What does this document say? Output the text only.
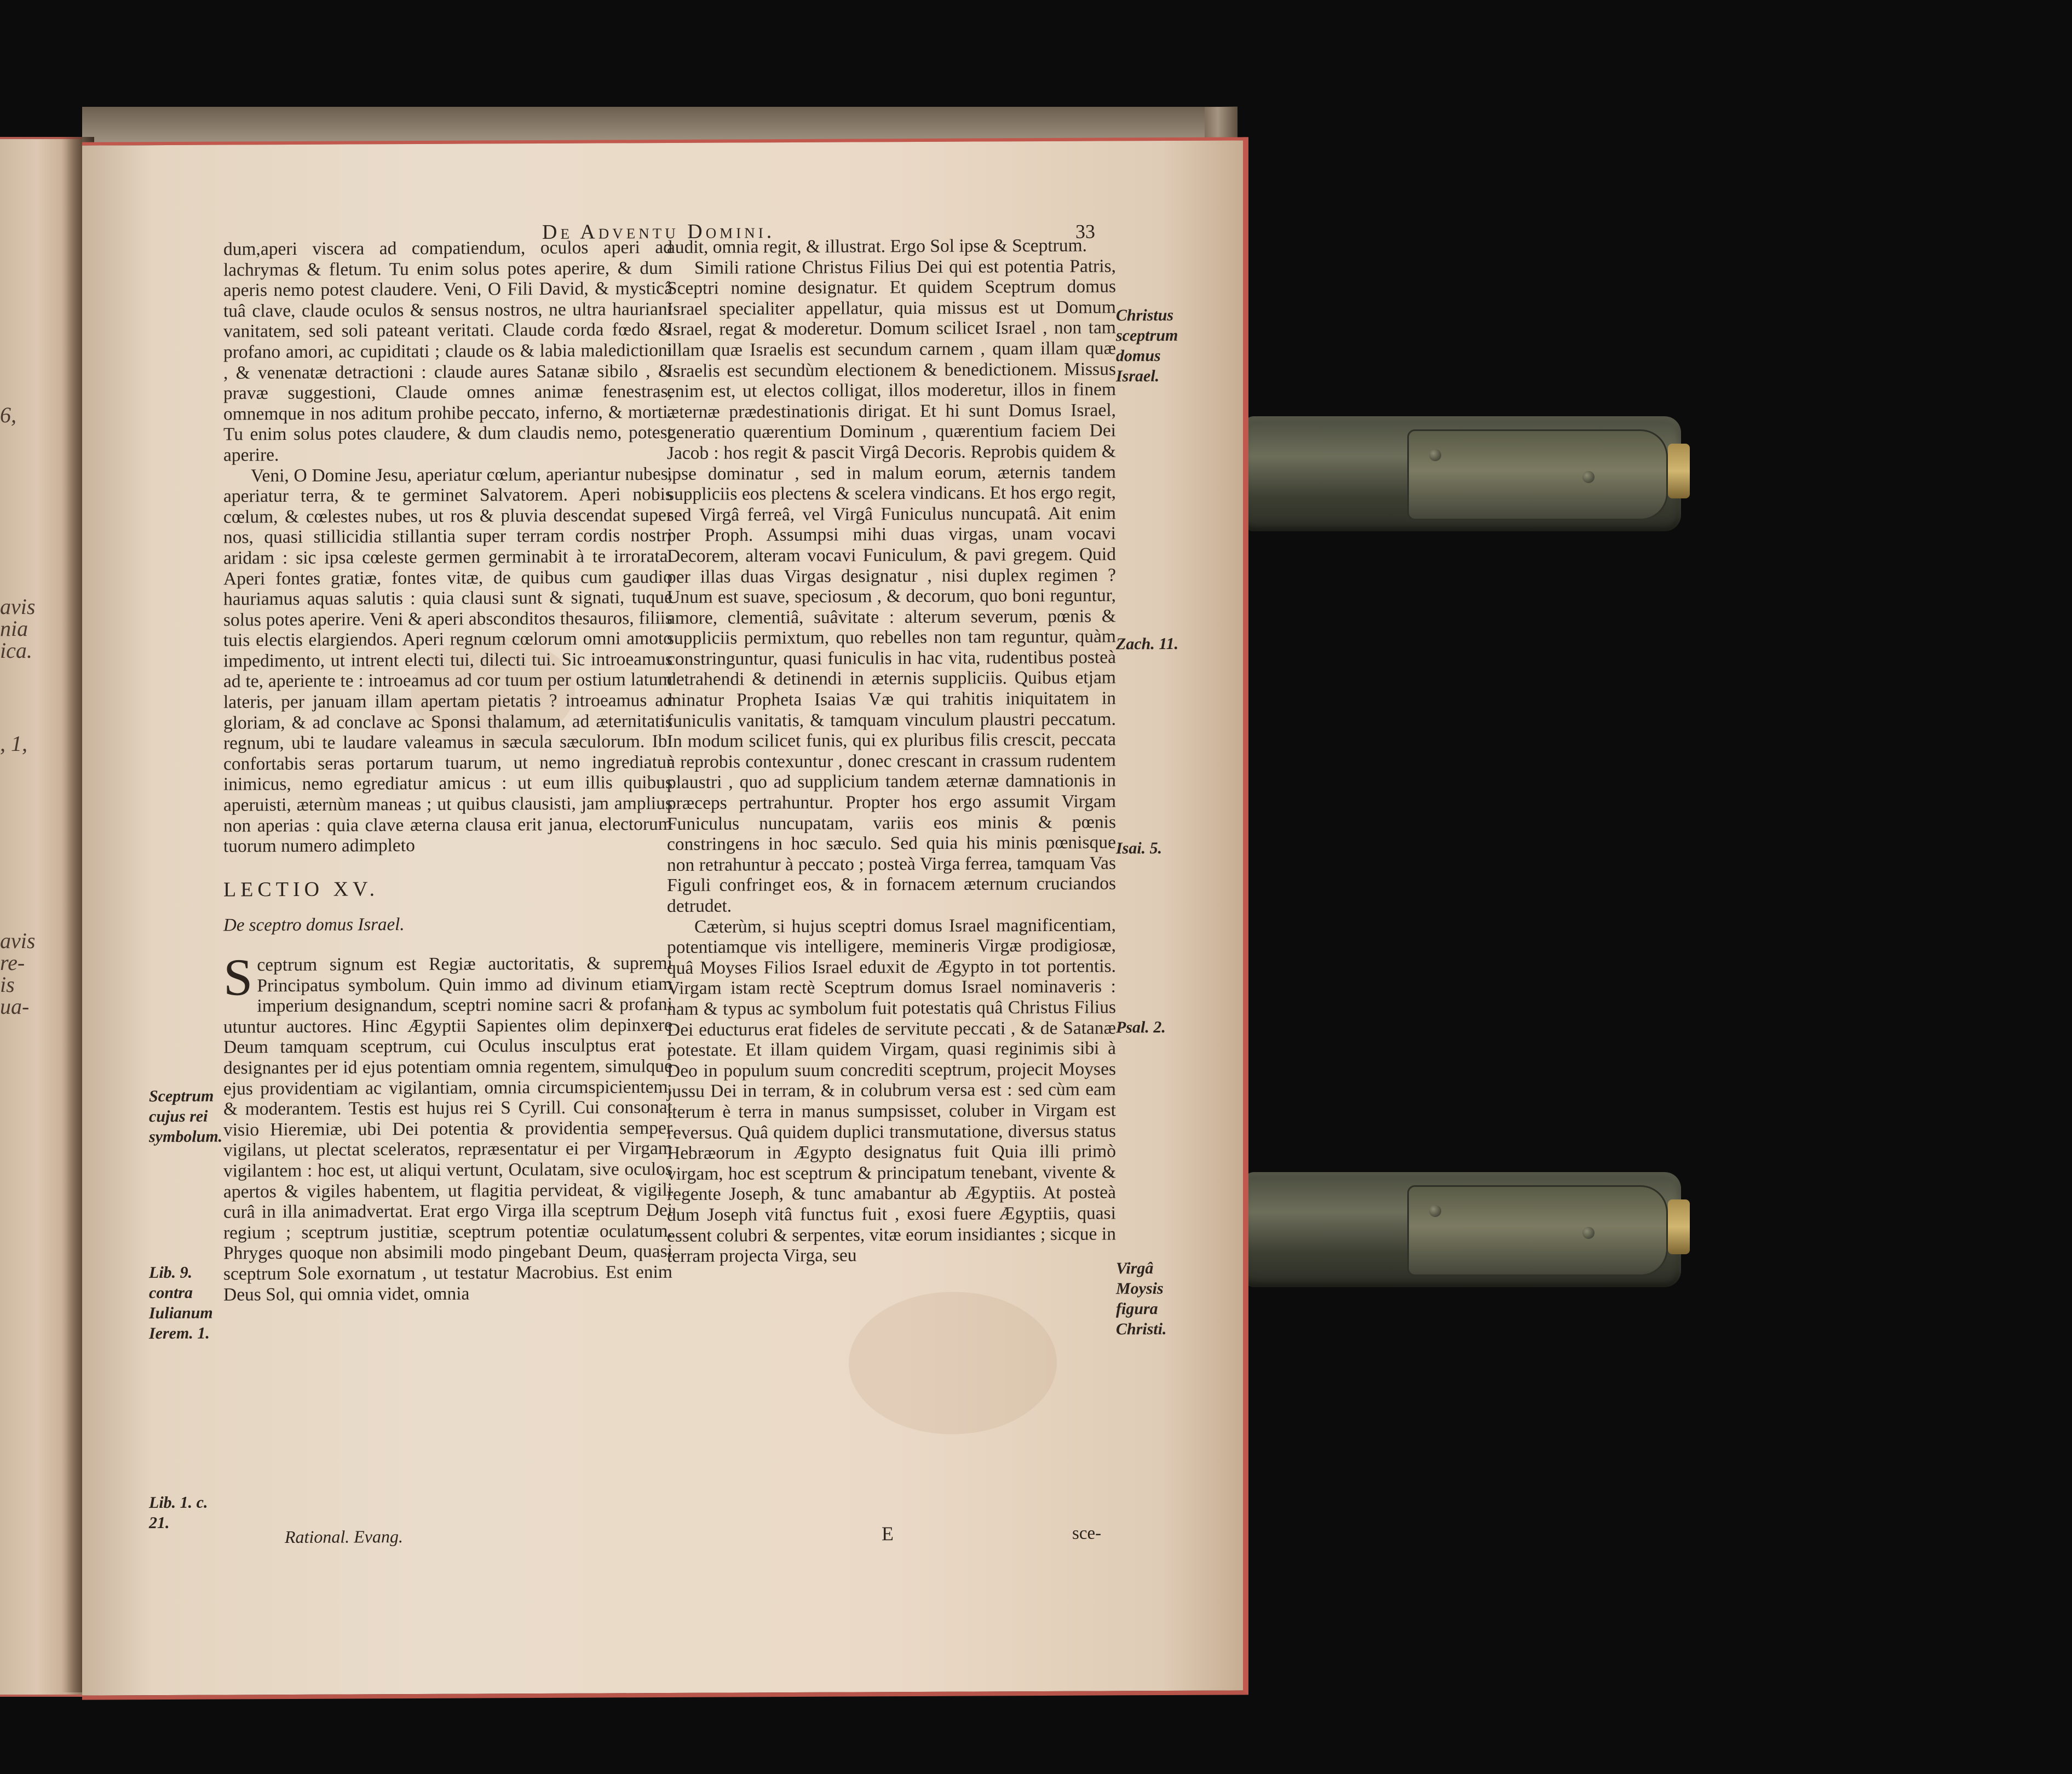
6,
avis
nia
ica.
, 1,
avis
re-
is
ua-
De Adventu Domini.	33

dum,aperi viscera ad compatiendum, oculos aperi ad lachrymas & fletum. Tu enim solus potes aperire, & dum aperis nemo potest claudere. Veni, O Fili David, & mysticâ tuâ clave, claude oculos & sensus nostros, ne ultra hauriant vanitatem, sed soli pateant veritati. Claude corda fœdo & profano amori, ac cupiditati ; claude os & labia maledictioni , & venenatæ detractioni : claude aures Satanæ sibilo , & pravæ suggestioni, Claude omnes animæ fenestras, omnemque in nos aditum prohibe peccato, inferno, & morti. Tu enim solus potes claudere, & dum claudis nemo, potest aperire.

Veni, O Domine Jesu, aperiatur cœlum, aperiantur nubes, aperiatur terra, & te germinet Salvatorem. Aperi nobis cœlum, & cœlestes nubes, ut ros & pluvia descendat super nos, quasi stillicidia stillantia super terram cordis nostri aridam : sic ipsa cœleste germen germinabit à te irrorata. Aperi fontes gratiæ, fontes vitæ, de quibus cum gaudio hauriamus aquas salutis : quia clausi sunt & signati, tuque solus potes aperire. Veni & aperi absconditos thesauros, filiis tuis electis elargiendos. Aperi regnum cœlorum omni amoto impedimento, ut intrent electi tui, dilecti tui. Sic introeamus ad te, aperiente te : introeamus ad cor tuum per ostium latum lateris, per januam illam apertam pietatis ? introeamus ad gloriam, & ad conclave ac Sponsi thalamum, ad æternitatis regnum, ubi te laudare valeamus in sæcula sæculorum. Ibi confortabis seras portarum tuarum, ut nemo ingrediatur inimicus, nemo egrediatur amicus : ut eum illis quibus aperuisti, æternùm maneas ; ut quibus clausisti, jam amplius non aperias : quia clave æterna clausa erit janua, electorum tuorum numero adimpleto

LECTIO XV.

De sceptro domus Israel.

Sceptrum signum est Regiæ auctoritatis, & supremi Principatus symbolum. Quin immo ad divinum etiam imperium designandum, sceptri nomine sacri & profani utuntur auctores. Hinc Ægyptii Sapientes olim depinxere Deum tamquam sceptrum, cui Oculus insculptus erat ; designantes per id ejus potentiam omnia regentem, simulque ejus providentiam ac vigilantiam, omnia circumspicientem, & moderantem. Testis est hujus rei S Cyrill. Cui consonat visio Hieremiæ, ubi Dei potentia & providentia semper vigilans, ut plectat sceleratos, repræsentatur ei per Virgam vigilantem : hoc est, ut aliqui vertunt, Oculatam, sive oculos apertos & vigiles habentem, ut flagitia pervideat, & vigili curâ in illa animadvertat. Erat ergo Virga illa sceptrum Dei regium ; sceptrum justitiæ, sceptrum potentiæ oculatum. Phryges quoque non absimili modo pingebant Deum, quasi sceptrum Sole exornatum , ut testatur Macrobius. Est enim Deus Sol, qui omnia videt, omnia

audit, omnia regit, & illustrat. Ergo Sol ipse & Sceptrum.

Simili ratione Christus Filius Dei qui est potentia Patris, Sceptri nomine designatur. Et quidem Sceptrum domus Israel specialiter appellatur, quia missus est ut Domum Israel, regat & moderetur. Domum scilicet Israel , non tam illam quæ Israelis est secundum carnem , quam illam quæ Israelis est secundùm electionem & benedictionem. Missus enim est, ut electos colligat, illos moderetur, illos in finem æternæ prædestinationis dirigat. Et hi sunt Domus Israel, generatio quærentium Dominum , quærentium faciem Dei Jacob : hos regit & pascit Virgâ Decoris. Reprobis quidem & ipse dominatur , sed in malum eorum, æternis tandem suppliciis eos plectens & scelera vindicans. Et hos ergo regit, sed Virgâ ferreâ, vel Virgâ Funiculus nuncupatâ. Ait enim per Proph. Assumpsi mihi duas virgas, unam vocavi Decorem, alteram vocavi Funiculum, & pavi gregem. Quid per illas duas Virgas designatur , nisi duplex regimen ? Unum est suave, speciosum , & decorum, quo boni reguntur, amore, clementiâ, suâvitate : alterum severum, pœnis & suppliciis permixtum, quo rebelles non tam reguntur, quàm constringuntur, quasi funiculis in hac vita, rudentibus posteà detrahendi & detinendi in æternis suppliciis. Quibus etjam minatur Propheta Isaias Væ qui trahitis iniquitatem in funiculis vanitatis, & tamquam vinculum plaustri peccatum. In modum scilicet funis, qui ex pluribus filis crescit, peccata à reprobis contexuntur , donec crescant in crassum rudentem plaustri , quo ad supplicium tandem æternæ damnationis in præceps pertrahuntur. Propter hos ergo assumit Virgam Funiculus nuncupatam, variis eos minis & pœnis constringens in hoc sæculo. Sed quia his minis pœnisque non retrahuntur à peccato ; posteà Virga ferrea, tamquam Vas Figuli confringet eos, & in fornacem æternum cruciandos detrudet.

Cæterùm, si hujus sceptri domus Israel magnificentiam, potentiamque vis intelligere, memineris Virgæ prodigiosæ, quâ Moyses Filios Israel eduxit de Ægypto in tot portentis. Virgam istam rectè Sceptrum domus Israel nominaveris : nam & typus ac symbolum fuit potestatis quâ Christus Filius Dei educturus erat fideles de servitute peccati , & de Satanæ potestate. Et illam quidem Virgam, quasi reginimis sibi à Deo in populum suum concrediti sceptrum, projecit Moyses jussu Dei in terram, & in colubrum versa est : sed cùm eam iterum è terra in manus sumpsisset, coluber in Virgam est reversus. Quâ quidem duplici transmutatione, diversus status Hebræorum in Ægypto designatus fuit Quia illi primò virgam, hoc est sceptrum & principatum tenebant, vivente & regente Joseph, & tunc amabantur ab Ægyptiis. At posteà dum Joseph vitâ functus fuit , exosi fuere Ægyptiis, quasi essent colubri & serpentes, vitæ eorum insidiantes ; sicque in terram projecta Virga, seu

Sceptrum
cujus rei
symbolum.
Lib. 9.
contra
Iulianum
Ierem. 1.
Lib. 1. c.
21.
Christus
sceptrum
domus
Israel.
Zach. 11.
Isai. 5.
Psal. 2.
Virgâ
Moysis
figura
Christi.
Rational. Evang.	E	sce-
